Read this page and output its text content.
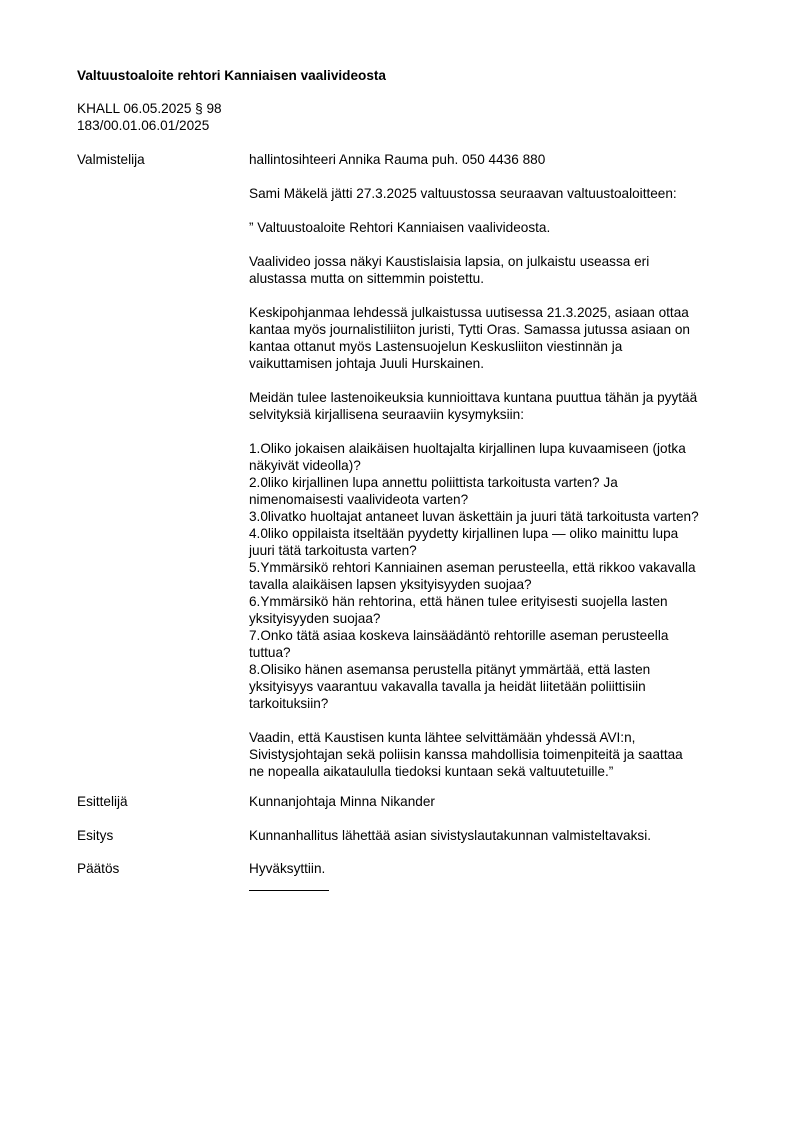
Valtuustoaloite rehtori Kanniaisen vaalivideosta
KHALL 06.05.2025 § 98
183/00.01.06.01/2025
Valmistelija	hallintosihteeri Annika Rauma puh. 050 4436 880

Sami Mäkelä jätti 27.3.2025 valtuustossa seuraavan valtuustoaloitteen:

” Valtuustoaloite Rehtori Kanniaisen vaalivideosta.

Vaalivideo jossa näkyi Kaustislaisia lapsia, on julkaistu useassa eri
alustassa mutta on sittemmin poistettu.

Keskipohjanmaa lehdessä julkaistussa uutisessa 21.3.2025, asiaan ottaa
kantaa myös journalistiliiton juristi, Tytti Oras. Samassa jutussa asiaan on
kantaa ottanut myös Lastensuojelun Keskusliiton viestinnän ja
vaikuttamisen johtaja Juuli Hurskainen.

Meidän tulee lastenoikeuksia kunnioittava kuntana puuttua tähän ja pyytää
selvityksiä kirjallisena seuraaviin kysymyksiin:

1.Oliko jokaisen alaikäisen huoltajalta kirjallinen lupa kuvaamiseen (jotka
näkyivät videolla)?
2.0liko kirjallinen lupa annettu poliittista tarkoitusta varten? Ja
nimenomaisesti vaalivideota varten?
3.0livatko huoltajat antaneet luvan äskettäin ja juuri tätä tarkoitusta varten?
4.0liko oppilaista itseltään pyydetty kirjallinen lupa — oliko mainittu lupa
juuri tätä tarkoitusta varten?
5.Ymmärsikö rehtori Kanniainen aseman perusteella, että rikkoo vakavalla
tavalla alaikäisen lapsen yksityisyyden suojaa?
6.Ymmärsikö hän rehtorina, että hänen tulee erityisesti suojella lasten
yksityisyyden suojaa?
7.Onko tätä asiaa koskeva lainsäädäntö rehtorille aseman perusteella
tuttua?
8.Olisiko hänen asemansa perustella pitänyt ymmärtää, että lasten
yksityisyys vaarantuu vakavalla tavalla ja heidät liitetään poliittisiin
tarkoituksiin?

Vaadin, että Kaustisen kunta lähtee selvittämään yhdessä AVI:n,
Sivistysjohtajan sekä poliisin kanssa mahdollisia toimenpiteitä ja saattaa
ne nopealla aikataululla tiedoksi kuntaan sekä valtuutetuille.”

Esittelijä	Kunnanjohtaja Minna Nikander
Esitys	Kunnanhallitus lähettää asian sivistyslautakunnan valmisteltavaksi.
Päätös	Hyväksyttiin.
